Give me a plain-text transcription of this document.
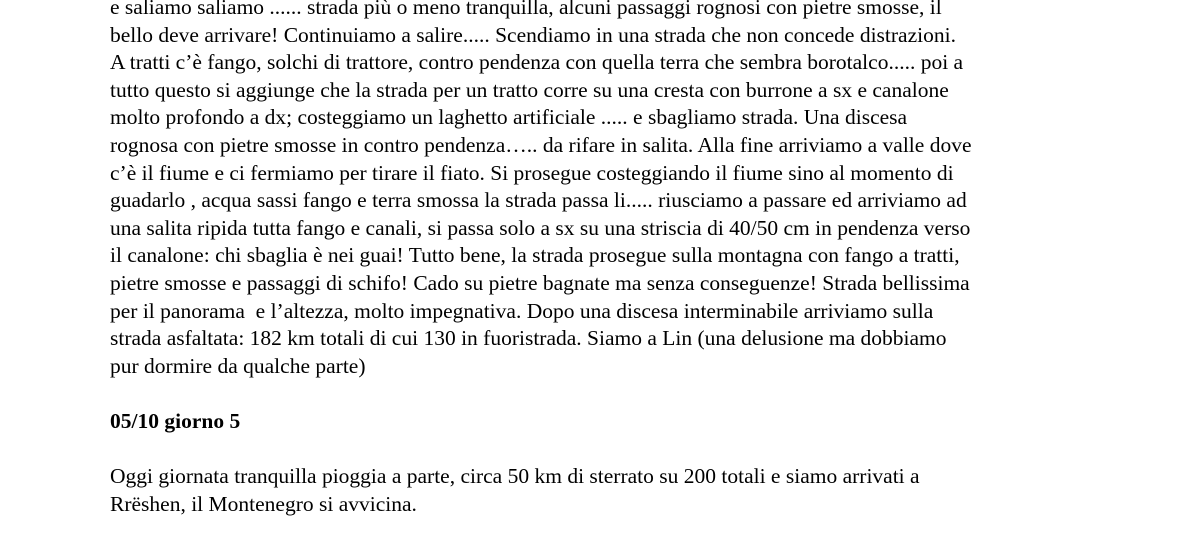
e saliamo saliamo ...... strada più o meno tranquilla, alcuni passaggi rognosi con pietre smosse, il
bello deve arrivare! Continuiamo a salire..... Scendiamo in una strada che non concede distrazioni.
A tratti c’è fango, solchi di trattore, contro pendenza con quella terra che sembra borotalco..... poi a
tutto questo si aggiunge che la strada per un tratto corre su una cresta con burrone a sx e canalone
molto profondo a dx; costeggiamo un laghetto artificiale ..... e sbagliamo strada. Una discesa
rognosa con pietre smosse in contro pendenza….. da rifare in salita. Alla fine arriviamo a valle dove
c’è il fiume e ci fermiamo per tirare il fiato. Si prosegue costeggiando il fiume sino al momento di
guadarlo , acqua sassi fango e terra smossa la strada passa li..... riusciamo a passare ed arriviamo ad
una salita ripida tutta fango e canali, si passa solo a sx su una striscia di 40/50 cm in pendenza verso
il canalone: chi sbaglia è nei guai! Tutto bene, la strada prosegue sulla montagna con fango a tratti,
pietre smosse e passaggi di schifo! Cado su pietre bagnate ma senza conseguenze! Strada bellissima
per il panorama  e l’altezza, molto impegnativa. Dopo una discesa interminabile arriviamo sulla
strada asfaltata: 182 km totali di cui 130 in fuoristrada. Siamo a Lin (una delusione ma dobbiamo
pur dormire da qualche parte)
05/10 giorno 5
Oggi giornata tranquilla pioggia a parte, circa 50 km di sterrato su 200 totali e siamo arrivati a
Rrëshen, il Montenegro si avvicina.
